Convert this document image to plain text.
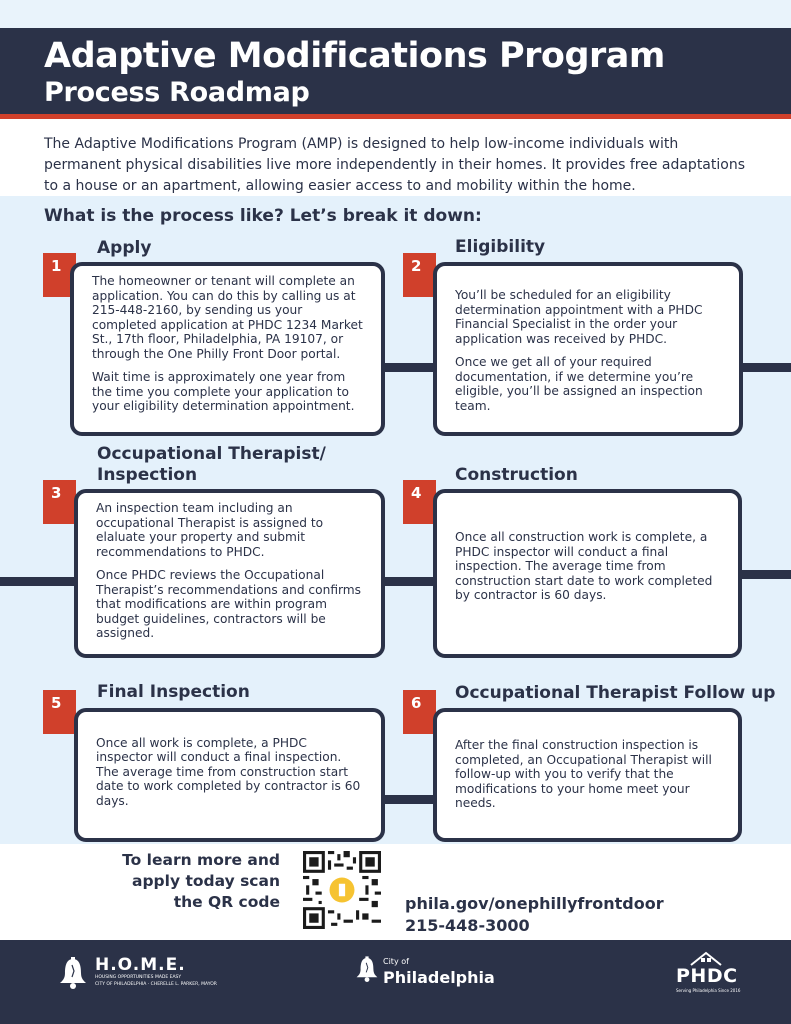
Adaptive Modifications Program
Process Roadmap

The Adaptive Modifications Program (AMP) is designed to help low-income individuals with permanent physical disabilities live more independently in their homes. It provides free adaptations to a house or an apartment, allowing easier access to and mobility within the home.

What is the process like? Let’s break it down:
Apply
1

The homeowner or tenant will complete an application. You can do this by calling us at 215-448-2160, by sending us your completed application at PHDC 1234 Market St., 17th floor, Philadelphia, PA 19107, or through the One Philly Front Door portal.

Wait time is approximately one year from the time you complete your application to your eligibility determination appointment.

Eligibility
2

You’ll be scheduled for an eligibility determination appointment with a PHDC Financial Specialist in the order your application was received by PHDC.

Once we get all of your required documentation, if we determine you’re eligible, you’ll be assigned an inspection team.

Occupational Therapist/ Inspection
3

An inspection team including an occupational Therapist is assigned to elaluate your property and submit recommendations to PHDC.

Once PHDC reviews the Occupational Therapist’s recommendations and confirms that modifications are within program budget guidelines, contractors will be assigned.

Construction
4

Once all construction work is complete, a PHDC inspector will conduct a final inspection. The average time from construction start date to work completed by contractor is 60 days.

Final Inspection
5

Once all work is complete, a PHDC inspector will conduct a final inspection. The average time from construction start date to work completed by contractor is 60 days.

Occupational Therapist Follow up
6

After the final construction inspection is completed, an Occupational Therapist will follow-up with you to verify that the modifications to your home meet your needs.

To learn more and apply today scan the QR code	phila.gov/onephillyfrontdoor
215-448-3000
H.O.M.E.
HOUSING OPPORTUNITIES MADE EASY
CITY OF PHILADELPHIA · CHERELLE L. PARKER, MAYOR
City of
Philadelphia	PHDC
Serving Philadelphia Since 2016
